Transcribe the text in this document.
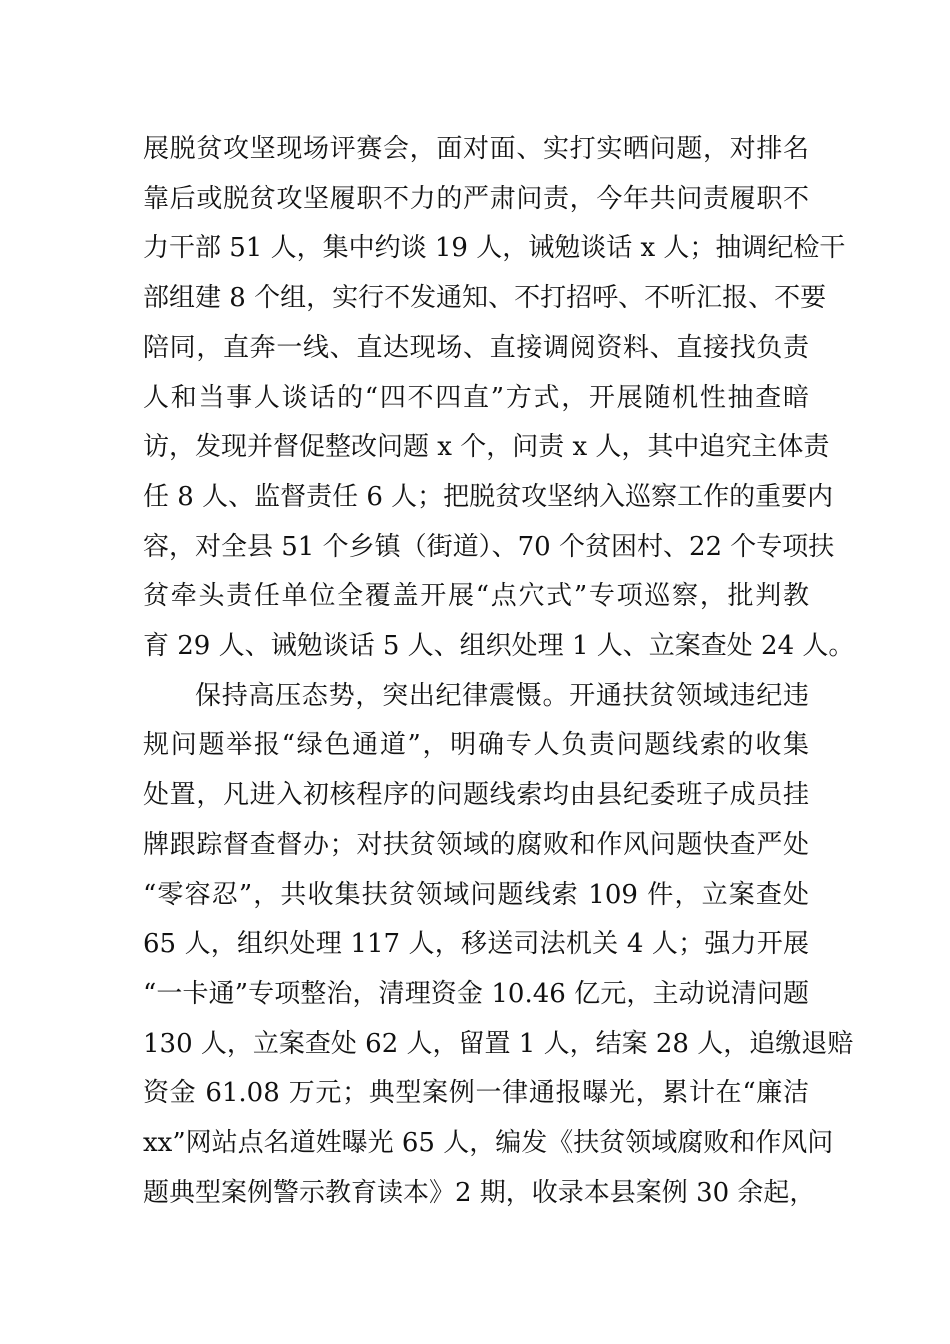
展脱贫攻坚现场评赛会，面对面、实打实晒问题，对排名
靠后或脱贫攻坚履职不力的严肃问责，今年共问责履职不
力干部 51 人，集中约谈 19 人，诫勉谈话 x 人；抽调纪检干
部组建 8 个组，实行不发通知、不打招呼、不听汇报、不要
陪同，直奔一线、直达现场、直接调阅资料、直接找负责
人和当事人谈话的“四不四直”方式，开展随机性抽查暗
访，发现并督促整改问题 x 个，问责 x 人，其中追究主体责
任 8 人、监督责任 6 人；把脱贫攻坚纳入巡察工作的重要内
容，对全县 51 个乡镇（街道）、70 个贫困村、22 个专项扶
贫牵头责任单位全覆盖开展“点穴式”专项巡察，批判教
育 29 人、诫勉谈话 5 人、组织处理 1 人、立案查处 24 人。
保持高压态势，突出纪律震慑。开通扶贫领域违纪违
规问题举报“绿色通道”，明确专人负责问题线索的收集
处置，凡进入初核程序的问题线索均由县纪委班子成员挂
牌跟踪督查督办；对扶贫领域的腐败和作风问题快查严处
“零容忍”，共收集扶贫领域问题线索 109 件，立案查处
65 人，组织处理 117 人，移送司法机关 4 人；强力开展
“一卡通”专项整治，清理资金 10.46 亿元，主动说清问题
130 人，立案查处 62 人，留置 1 人，结案 28 人，追缴退赔
资金 61.08 万元；典型案例一律通报曝光，累计在“廉洁
xx”网站点名道姓曝光 65 人，编发《扶贫领域腐败和作风问
题典型案例警示教育读本》2 期，收录本县案例 30 余起，
